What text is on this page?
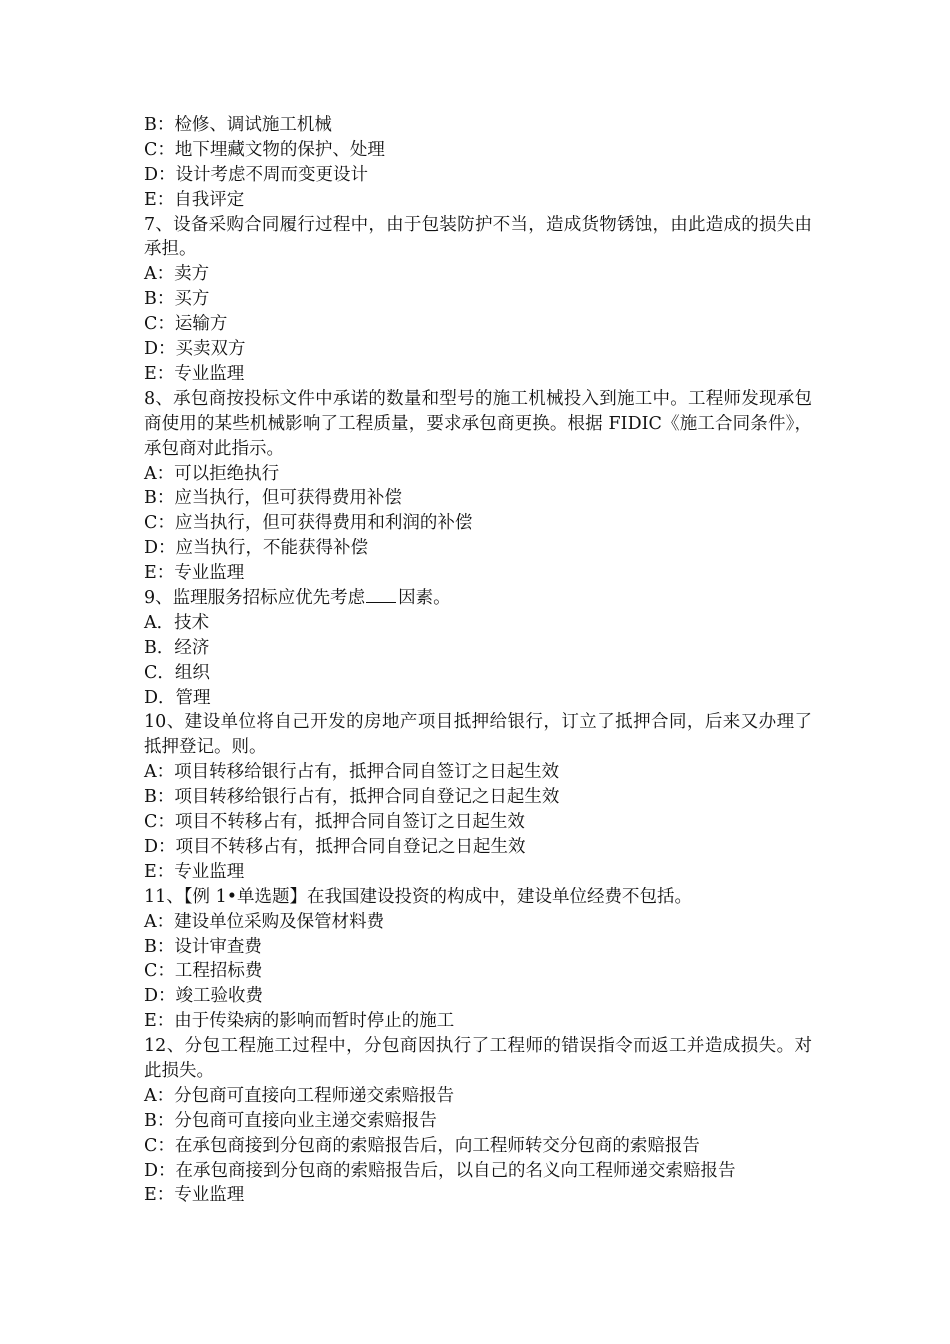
B：检修、调试施工机械
C：地下埋藏文物的保护、处理
D：设计考虑不周而变更设计
E：自我评定
7、设备采购合同履行过程中，由于包装防护不当，造成货物锈蚀，由此造成的损失由承担。
A：卖方
B：买方
C：运输方
D：买卖双方
E：专业监理
8、承包商按投标文件中承诺的数量和型号的施工机械投入到施工中。工程师发现承包商使用的某些机械影响了工程质量，要求承包商更换。根据 FIDIC《施工合同条件》，承包商对此指示。
A：可以拒绝执行
B：应当执行，但可获得费用补偿
C：应当执行，但可获得费用和利润的补偿
D：应当执行，不能获得补偿
E：专业监理
9、监理服务招标应优先考虑 因素。
A．技术
B．经济
C．组织
D．管理
10、建设单位将自己开发的房地产项目抵押给银行，订立了抵押合同，后来又办理了抵押登记。则。
A：项目转移给银行占有，抵押合同自签订之日起生效
B：项目转移给银行占有，抵押合同自登记之日起生效
C：项目不转移占有，抵押合同自签订之日起生效
D：项目不转移占有，抵押合同自登记之日起生效
E：专业监理
11、【例 1•单选题】在我国建设投资的构成中，建设单位经费不包括。
A：建设单位采购及保管材料费
B：设计审查费
C：工程招标费
D：竣工验收费
E：由于传染病的影响而暂时停止的施工
12、分包工程施工过程中，分包商因执行了工程师的错误指令而返工并造成损失。对此损失。
A：分包商可直接向工程师递交索赔报告
B：分包商可直接向业主递交索赔报告
C：在承包商接到分包商的索赔报告后，向工程师转交分包商的索赔报告
D：在承包商接到分包商的索赔报告后，以自己的名义向工程师递交索赔报告
E：专业监理
